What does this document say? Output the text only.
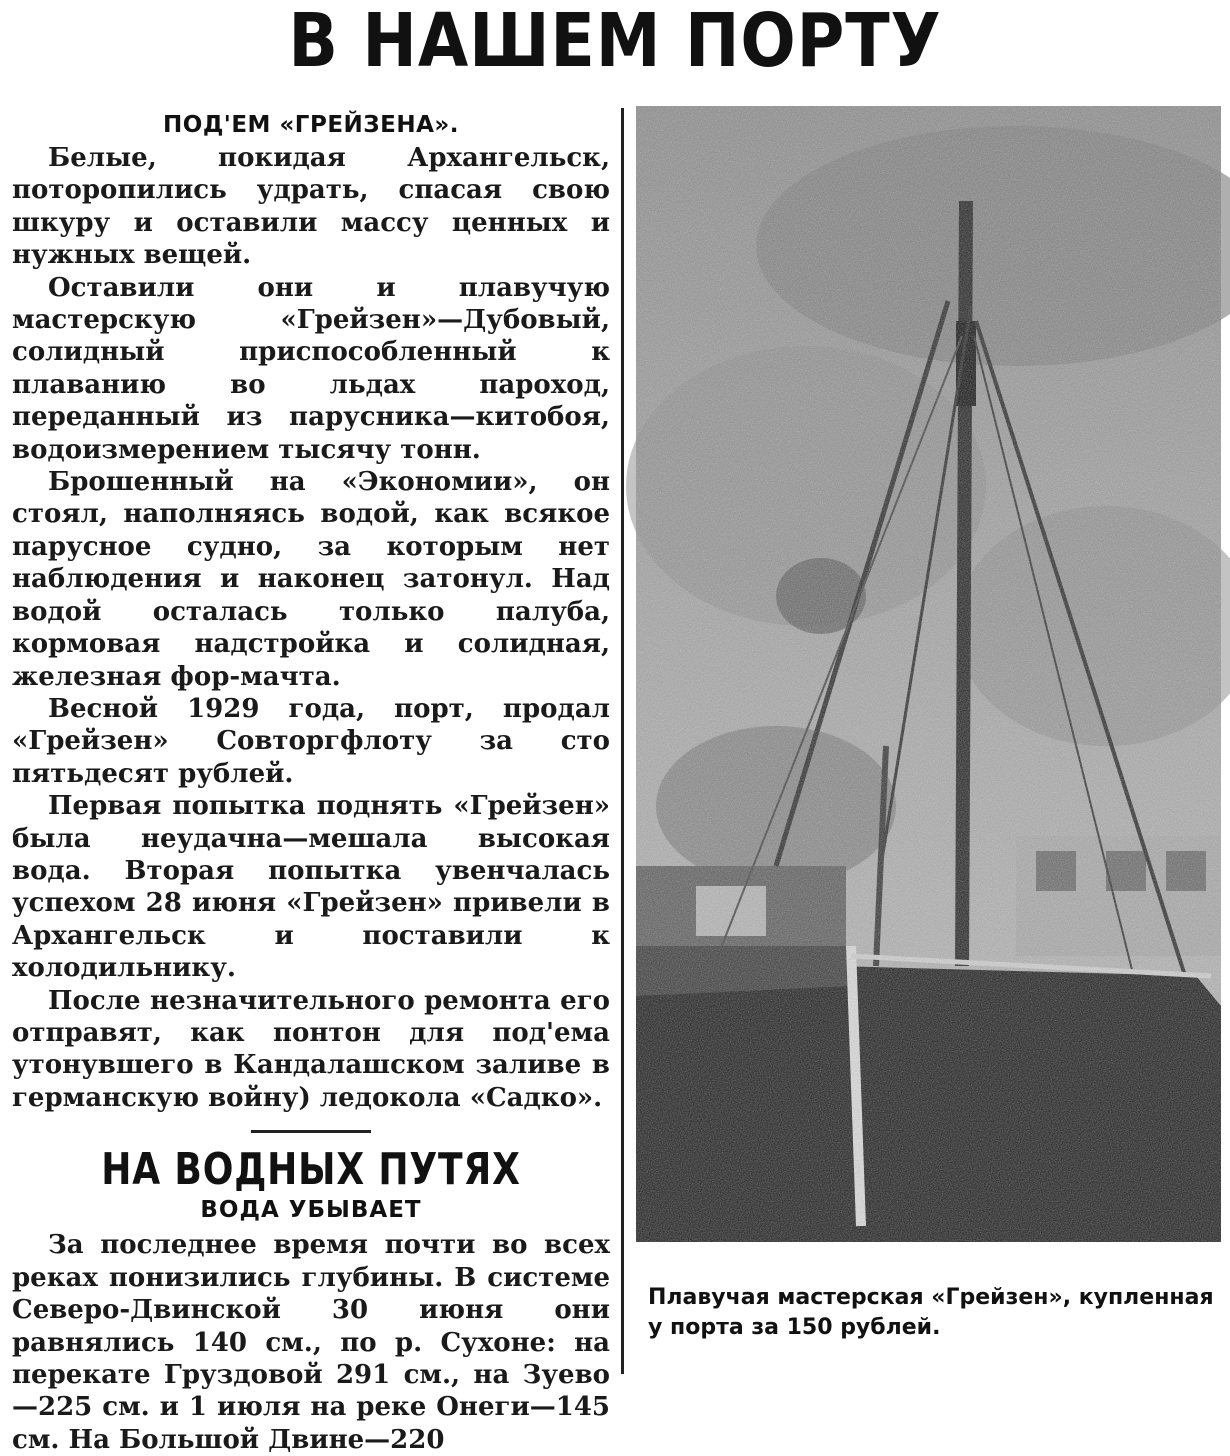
В НАШЕМ ПОРТУ
ПОД'ЕМ «ГРЕЙЗЕНА».

Белые, покидая Архангельск, поторопились удрать, спасая свою шкуру и оставили массу ценных и нужных вещей.

Оставили они и плавучую мастерскую «Грейзен»—Дубовый, солидный приспособленный к плаванию во льдах пароход, переданный из парусника—китобоя, водоизмерением тысячу тонн.

Брошенный на «Экономии», он стоял, наполняясь водой, как всякое парусное судно, за которым нет наблюдения и наконец затонул. Над водой осталась только палуба, кормовая надстройка и солидная, железная фор-мачта.

Весной 1929 года, порт, продал «Грейзен» Совторгфлоту за сто пятьдесят рублей.

Первая попытка поднять «Грейзен» была неудачна—мешала высокая вода. Вторая попытка увенчалась успехом 28 июня «Грейзен» привели в Архангельск и поставили к холодильнику.

После незначительного ремонта его отправят, как понтон для под'ема утонувшего в Кандалашском заливе в германскую войну) ледокола «Садко».

НА ВОДНЫХ ПУТЯХ
ВОДА УБЫВАЕТ

За последнее время почти во всех реках понизились глубины. В системе Северо-Двинской 30 июня они равнялись 140 см., по р. Сухоне: на перекате Груздовой 291 см., на Зуево—225 см. и 1 июля на реке Онеги—145 см. На Большой Двине—220

Плавучая мастерская «Грейзен», купленная у порта за 150 рублей.
